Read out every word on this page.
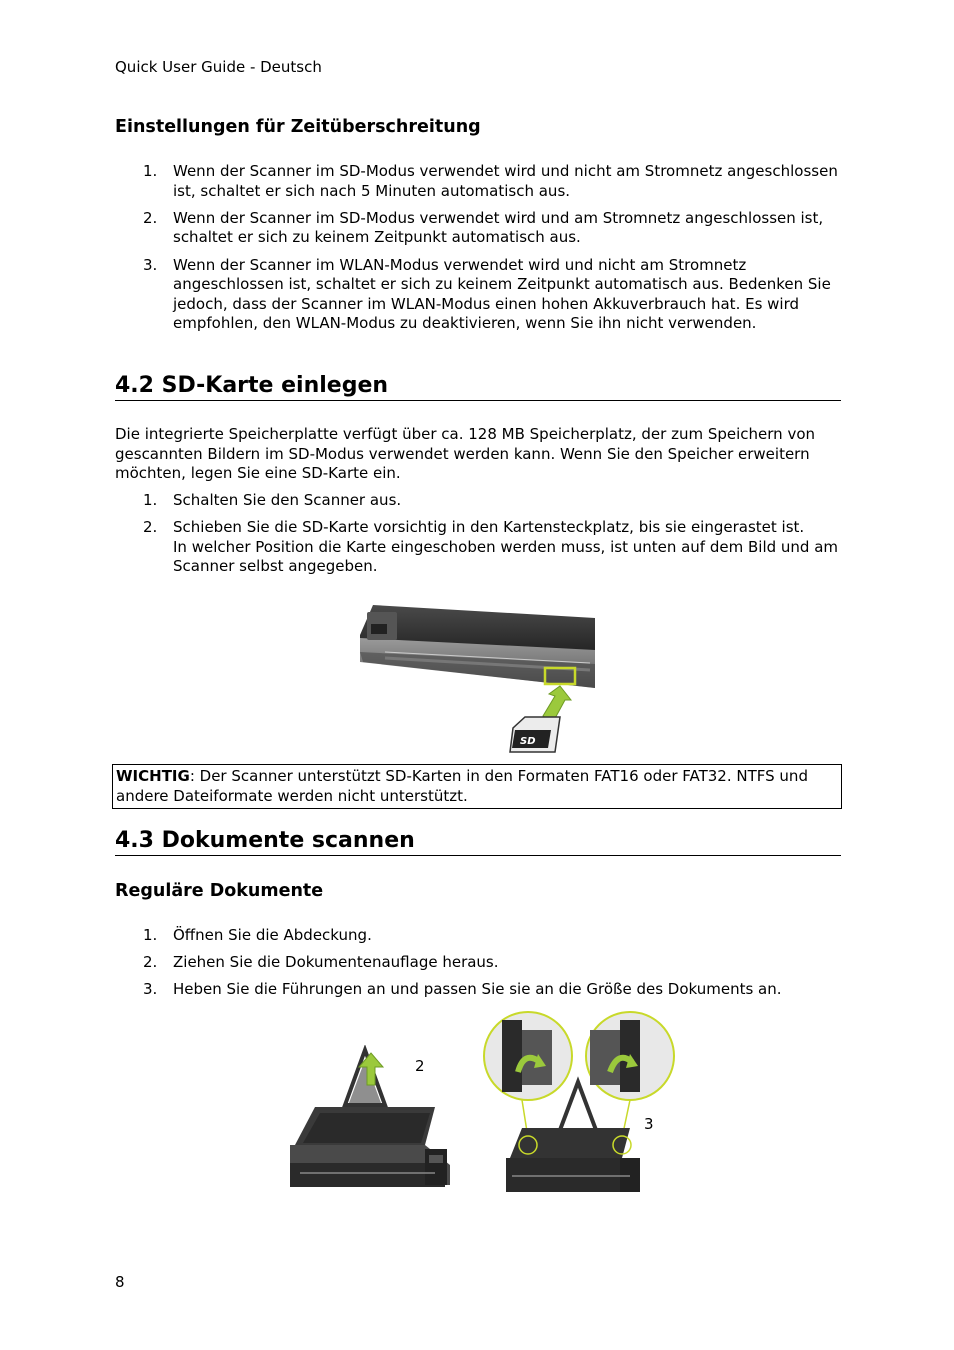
Quick User Guide - Deutsch
Einstellungen für Zeitüberschreitung
1. Wenn der Scanner im SD-Modus verwendet wird und nicht am Stromnetz angeschlossen ist, schaltet er sich nach 5 Minuten automatisch aus.
2. Wenn der Scanner im SD-Modus verwendet wird und am Stromnetz angeschlossen ist, schaltet er sich zu keinem Zeitpunkt automatisch aus.
3. Wenn der Scanner im WLAN-Modus verwendet wird und nicht am Stromnetz angeschlossen ist, schaltet er sich zu keinem Zeitpunkt automatisch aus. Bedenken Sie jedoch, dass der Scanner im WLAN-Modus einen hohen Akkuverbrauch hat. Es wird empfohlen, den WLAN-Modus zu deaktivieren, wenn Sie ihn nicht verwenden.
4.2 SD-Karte einlegen
Die integrierte Speicherplatte verfügt über ca. 128 MB Speicherplatz, der zum Speichern von gescannten Bildern im SD-Modus verwendet werden kann. Wenn Sie den Speicher erweitern möchten, legen Sie eine SD-Karte ein.
1. Schalten Sie den Scanner aus.
2. Schieben Sie die SD-Karte vorsichtig in den Kartensteckplatz, bis sie eingerastet ist.
In welcher Position die Karte eingeschoben werden muss, ist unten auf dem Bild und am Scanner selbst angegeben.
SD
WICHTIG: Der Scanner unterstützt SD-Karten in den Formaten FAT16 oder FAT32. NTFS und andere Dateiformate werden nicht unterstützt.
4.3 Dokumente scannen
Reguläre Dokumente
1. Öffnen Sie die Abdeckung.
2. Ziehen Sie die Dokumentenauflage heraus.
3. Heben Sie die Führungen an und passen Sie sie an die Größe des Dokuments an.
2
3
8
